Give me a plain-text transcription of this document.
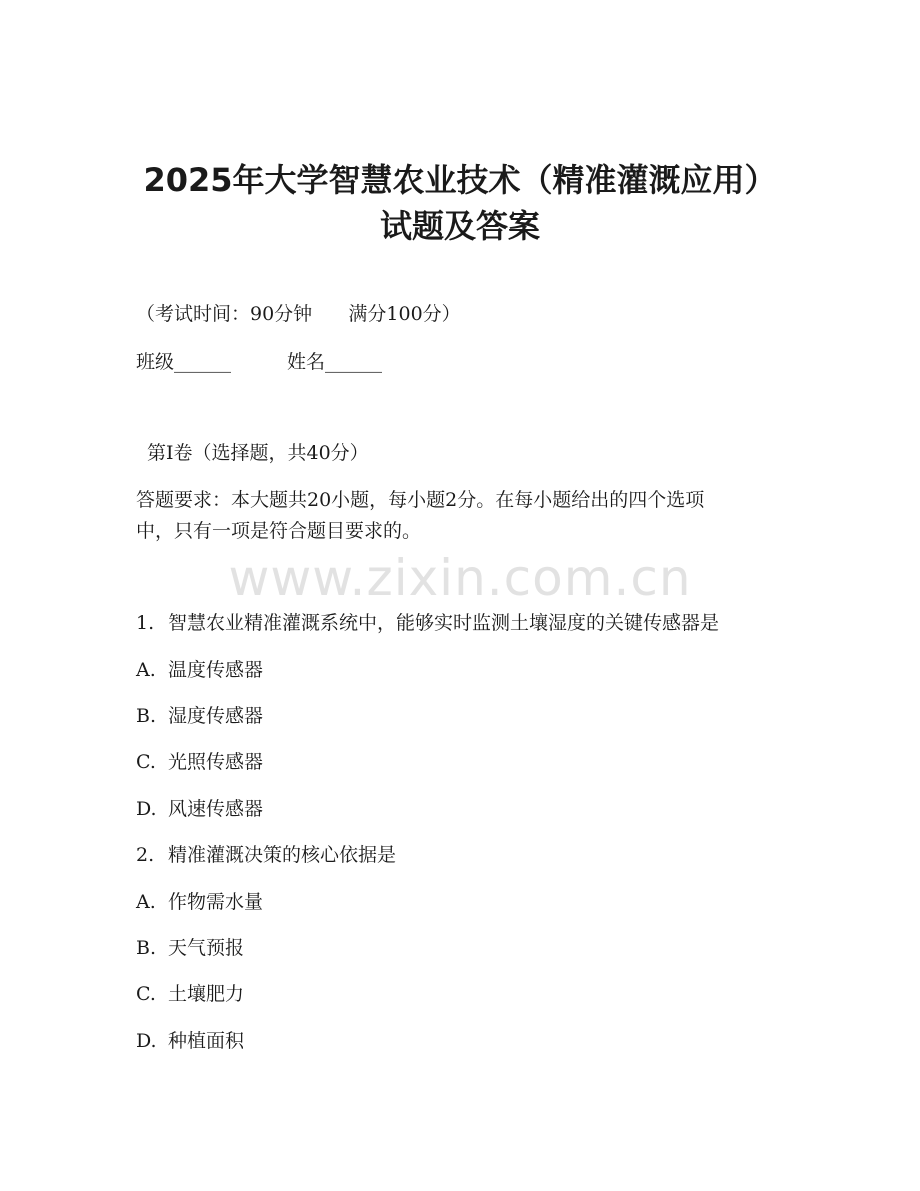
2025年大学智慧农业技术（精准灌溉应用）
试题及答案

（考试时间：90分钟      满分100分）

班级______	姓名______

第I卷（选择题，共40分）

答题要求：本大题共20小题，每小题2分。在每小题给出的四个选项

中，只有一项是符合题目要求的。

www.zixin.com.cn

1. 智慧农业精准灌溉系统中，能够实时监测土壤湿度的关键传感器是

A. 温度传感器

B. 湿度传感器

C. 光照传感器

D. 风速传感器

2. 精准灌溉决策的核心依据是

A. 作物需水量

B. 天气预报

C. 土壤肥力

D. 种植面积
